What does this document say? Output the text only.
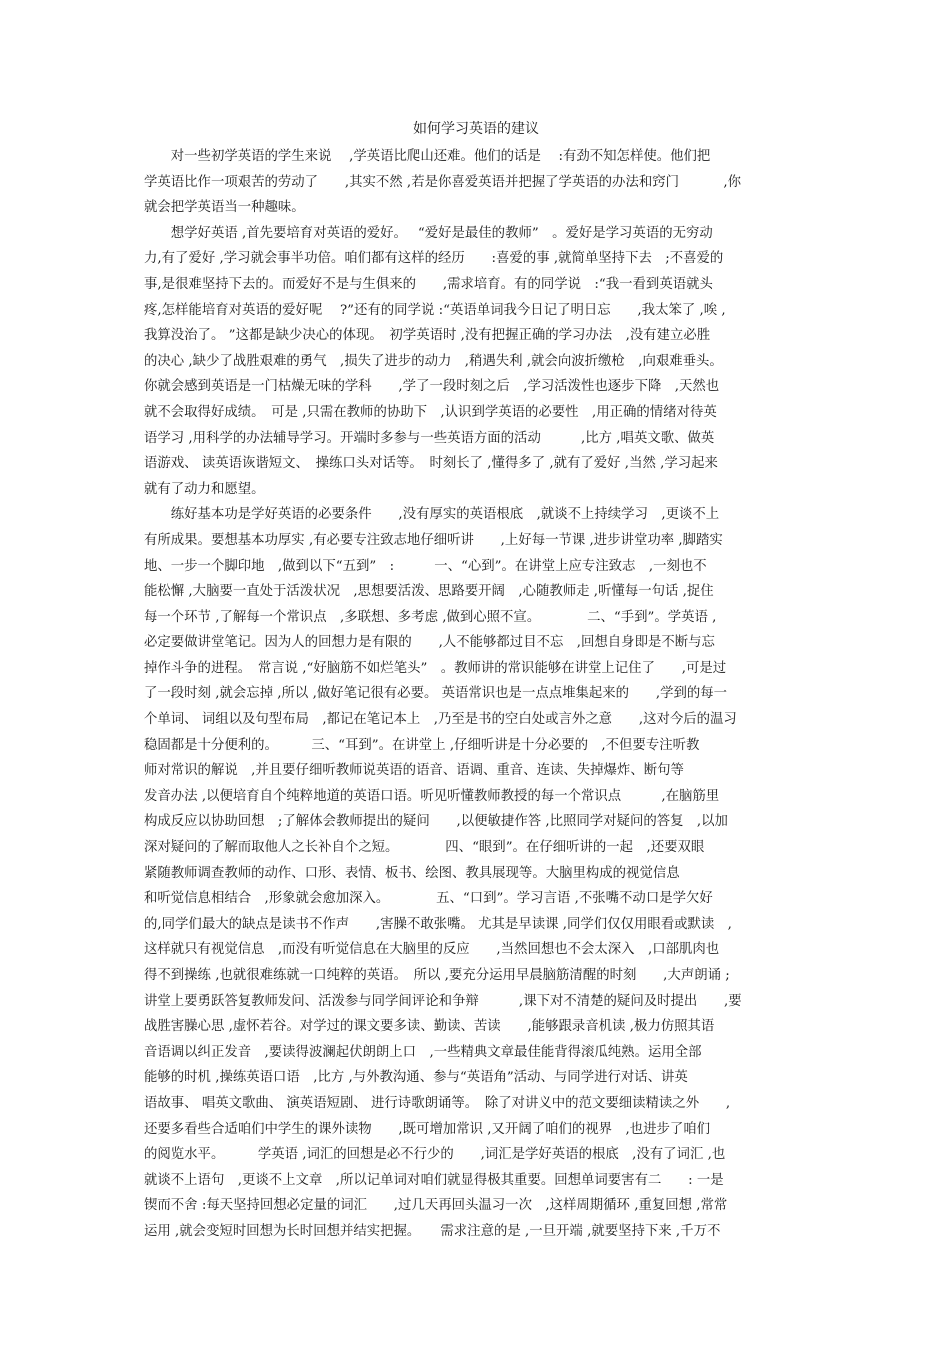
如何学习英语的建议
　　对一些初学英语的学生来说　 ,学英语比爬山还难。他们的话是　 :有劲不知怎样使。他们把
学英语比作一项艰苦的劳动了　　,其实不然 ,若是你喜爱英语并把握了学英语的办法和窍门　　　 ,你
就会把学英语当一种趣味。
　　想学好英语 ,首先要培育对英语的爱好。　 “爱好是最佳的教师”　。爱好是学习英语的无穷动
力,有了爱好 ,学习就会事半功倍。咱们都有这样的经历　　:喜爱的事 ,就简单坚持下去　;不喜爱的
事,是很难坚持下去的。而爱好不是与生俱来的　　,需求培育。有的同学说　:“我一看到英语就头
疼,怎样能培育对英语的爱好呢　 ?”还有的同学说 :“英语单词我今日记了明日忘　　,我太笨了 ,唉 ,
我算没治了。 ”这都是缺少决心的体现。　初学英语时 ,没有把握正确的学习办法　,没有建立必胜
的决心 ,缺少了战胜艰难的勇气　,损失了进步的动力　,稍遇失利 ,就会向波折缴枪　,向艰难垂头。
你就会感到英语是一门枯燥无味的学科　　,学了一段时刻之后　,学习活泼性也逐步下降　,天然也
就不会取得好成绩。　可是 ,只需在教师的协助下　,认识到学英语的必要性　,用正确的情绪对待英
语学习 ,用科学的办法辅导学习。开端时多参与一些英语方面的活动　　　,比方 ,唱英文歌、做英
语游戏、 读英语诙谐短文、　操练口头对话等。　时刻长了 ,懂得多了 ,就有了爱好 ,当然 ,学习起来
就有了动力和愿望。
　　练好基本功是学好英语的必要条件　　,没有厚实的英语根底　,就谈不上持续学习　,更谈不上
有所成果。要想基本功厚实 ,有必要专注致志地仔细听讲　　,上好每一节课 ,进步讲堂功率 ,脚踏实
地、一步一个脚印地　,做到以下“五到”　:　　　一、“心到”。在讲堂上应专注致志　,一刻也不
能松懈 ,大脑要一直处于活泼状况　,思想要活泼、思路要开阔　,心随教师走 ,听懂每一句话 ,捉住
每一个环节 ,了解每一个常识点　,多联想、多考虑 ,做到心照不宣。　　　　二、“手到”。学英语 ,
必定要做讲堂笔记。因为人的回想力是有限的　　,人不能够都过目不忘　,回想自身即是不断与忘
掉作斗争的进程。　常言说 ,“好脑筋不如烂笔头”　。教师讲的常识能够在讲堂上记住了　　,可是过
了一段时刻 ,就会忘掉 ,所以 ,做好笔记很有必要。 英语常识也是一点点堆集起来的　　,学到的每一
个单词、 词组以及句型布局　,都记在笔记本上　,乃至是书的空白处或言外之意　　,这对今后的温习
稳固都是十分便利的。　　　三、“耳到”。在讲堂上 ,仔细听讲是十分必要的　,不但要专注听教
师对常识的解说　,并且要仔细听教师说英语的语音、语调、重音、连读、失掉爆炸、断句等
发音办法 ,以便培育自个纯粹地道的英语口语。听见听懂教师教授的每一个常识点　　　,在脑筋里
构成反应以协助回想　;了解体会教师提出的疑问　　,以便敏捷作答 ,比照同学对疑问的答复　,以加
深对疑问的了解而取他人之长补自个之短。　　　　四、“眼到”。在仔细听讲的一起　,还要双眼
紧随教师调查教师的动作、口形、表情、板书、绘图、教具展现等。大脑里构成的视觉信息
和听觉信息相结合　,形象就会愈加深入。　　　　五、“口到”。学习言语 ,不张嘴不动口是学欠好
的,同学们最大的缺点是读书不作声　　,害臊不敢张嘴。 尤其是早读课 ,同学们仅仅用眼看或默读　,
这样就只有视觉信息　,而没有听觉信息在大脑里的反应　　,当然回想也不会太深入　,口部肌肉也
得不到操练 ,也就很难练就一口纯粹的英语。　所以 ,要充分运用早晨脑筋清醒的时刻　　,大声朗诵 ;
讲堂上要勇跃答复教师发问、活泼参与同学间评论和争辩　　　,课下对不清楚的疑问及时提出　　,要
战胜害臊心思 ,虚怀若谷。对学过的课文要多读、勤读、苦读　　,能够跟录音机读 ,极力仿照其语
音语调以纠正发音　,要读得波澜起伏朗朗上口　,一些精典文章最佳能背得滚瓜纯熟。运用全部
能够的时机 ,操练英语口语　,比方 ,与外教沟通、参与“英语角”活动、与同学进行对话、讲英
语故事、 唱英文歌曲、 演英语短剧、 进行诗歌朗诵等。　除了对讲义中的范文要细读精读之外　　,
还要多看些合适咱们中学生的课外读物　　,既可增加常识 ,又开阔了咱们的视界　,也进步了咱们
的阅览水平。　　　学英语 ,词汇的回想是必不行少的　　,词汇是学好英语的根底　,没有了词汇 ,也
就谈不上语句　,更谈不上文章　,所以记单词对咱们就显得极其重要。回想单词要害有二　　: 一是
锲而不舍 :每天坚持回想必定量的词汇　　,过几天再回头温习一次　,这样周期循环 ,重复回想 ,常常
运用 ,就会变短时回想为长时回想并结实把握。　　需求注意的是 ,一旦开端 ,就要坚持下来 ,千万不
